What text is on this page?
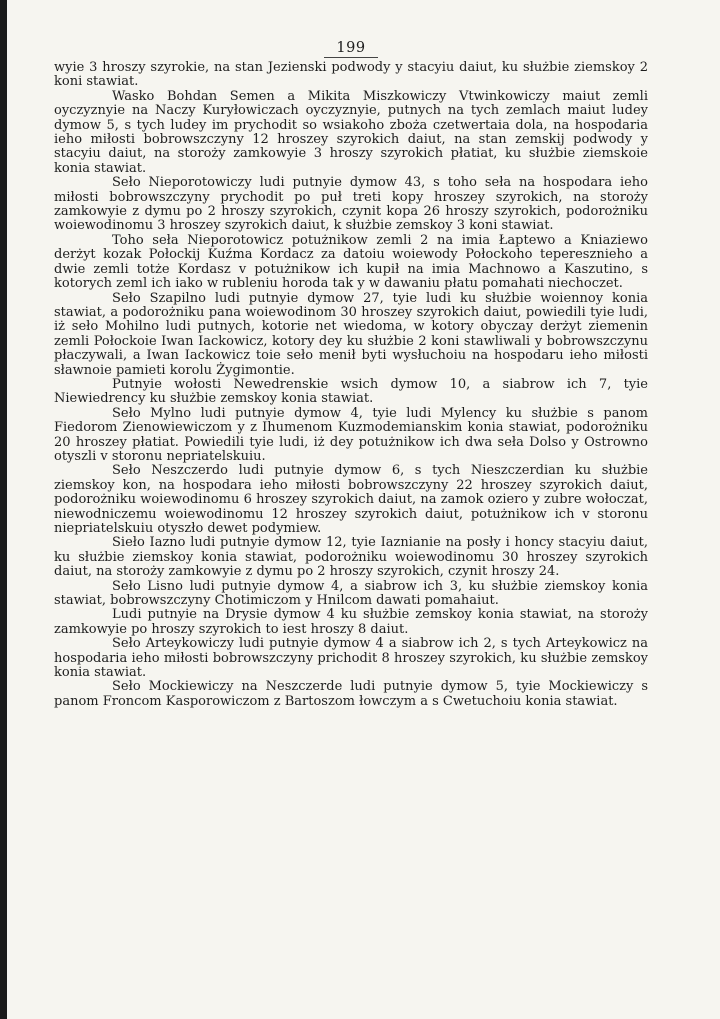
199

wyie 3 hroszy szyrokie, na stan Jezienski podwody y stacyiu daiut, ku służbie ziemskoy 2 koni stawiat.

Wasko Bohdan Semen a Mikita Miszkowiczy Vtwinkowiczy maiut zemli oyczyznyie na Naczy Kuryłowiczach oyczyznyie, putnych na tych zemlach maiut ludey dymow 5, s tych ludey im prychodit so wsiakoho zboża czetwertaia dola, na hospodaria ieho miłosti bobrowszczyny 12 hroszey szyrokich daiut, na stan zemskij podwody y stacyiu daiut, na storoży zamkowyie 3 hroszy szyrokich płatiat, ku służbie ziemskoie konia stawiat.

Seło Nieporotowiczy ludi putnyie dymow 43, s toho seła na hospodara ieho miłosti bobrowszczyny prychodit po puł treti kopy hroszey szyrokich, na storoży zamkowyie z dymu po 2 hroszy szyrokich, czynit kopa 26 hroszy szyrokich, podorożniku woiewodinomu 3 hroszey szyrokich daiut, k służbie zemskoy 3 koni stawiat.

Toho seła Nieporotowicz potużnikow zemli 2 na imia Łaptewo a Kniaziewo derżyt kozak Połockij Kuźma Kordacz za datoiu woiewody Połockoho tepereszniеho a dwie zemli totże Kordasz v potużnikow ich kupił na imia Machnowo a Kaszutino, s kotorych zeml ich iako w rubleniu horoda tak y w dawaniu płatu pomahati niechoczet.

Seło Szapilno ludi putnyie dymow 27, tyie ludi ku służbie woiennoy konia stawiat, a podorożniku pana woiewodinom 30 hroszey szyrokich daiut, powiedili tyie ludi, iż seło Mohilno ludi putnych, kotorie net wiedoma, w kotory obyczay derżyt ziemenin zemli Połockoie Iwan Iackowicz, kotory dey ku służbie 2 koni stawliwali y bobrowszczynu płaczywali, a Iwan Iackowicz toie seło menił byti wysłuchoiu na hospodaru ieho miłosti sławnoie pamieti korolu Żygimontie.

Putnyie wołosti Newedrenskie wsich dymow 10, a siabrow ich 7, tyie Niewiedrency ku służbie zemskoy konia stawiat.

Seło Mylno ludi putnyie dymow 4, tyie ludi Mylency ku służbie s panom Fiedorom Zienowiewiczom y z Ihumenom Kuzmodemianskim konia stawiat, podorożniku 20 hroszey płatiat. Powiedili tyie ludi, iż dey potużnikow ich dwa seła Dolso y Ostrowno otyszli v storonu nepriatelskuiu.

Seło Neszczerdo ludi putnyie dymow 6, s tych Nieszczerdian ku służbie ziemskoy kon, na hospodara ieho miłosti bobrowszczyny 22 hroszey szyrokich daiut, podorożniku woiewodinomu 6 hroszey szyrokich daiut, na zamok oziero y zubre wołoczat, niewodniczemu woiewodinomu 12 hroszey szyrokich daiut, potużnikow ich v storonu niepriatelskuiu otyszło dewet podymiew.

Sieło Iazno ludi putnyie dymow 12, tyie Iaznianie na posły i honcy stacyiu daiut, ku służbie ziemskoy konia stawiat, podorożniku woiewodinomu 30 hroszey szyrokich daiut, na storoży zamkowyie z dymu po 2 hroszy szyrokich, czynit hroszy 24.

Seło Lisno ludi putnyie dymow 4, a siabrow ich 3, ku służbie ziemskoy konia stawiat, bobrowszczyny Chotimiczom y Hnilcom dawati pomahaiut.

Ludi putnyie na Drysie dymow 4 ku służbie zemskoy konia stawiat, na storoży zamkowyie po hroszy szyrokich to iest hroszy 8 daiut.

Seło Arteykowiczy ludi putnyie dymow 4 a siabrow ich 2, s tych Arteykowicz na hospodaria ieho miłosti bobrowszczyny prichodit 8 hroszey szyrokich, ku służbie zemskoy konia stawiat.

Seło Mockiewiczy na Neszczerde ludi putnyie dymow 5, tyie Mockiewiczy s panom Froncom Kasporowiczom z Bartoszom łowczym a s Cwetuchoiu konia stawiat.
